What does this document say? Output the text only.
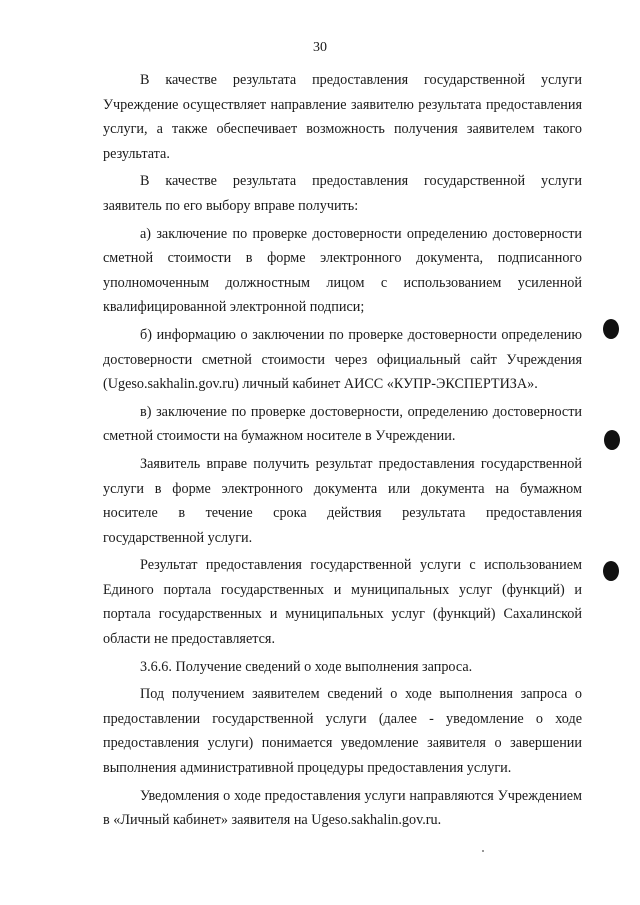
30

В качестве результата предоставления государственной услуги Учреждение осуществляет направление заявителю результата предоставления услуги, а также обеспечивает возможность получения заявителем такого результата.

В качестве результата предоставления государственной услуги заявитель по его выбору вправе получить:

а) заключение по проверке достоверности определению достоверности сметной стоимости в форме электронного документа, подписанного уполномоченным должностным лицом с использованием усиленной квалифицированной электронной подписи;

б) информацию о заключении по проверке достоверности определению достоверности сметной стоимости через официальный сайт Учреждения (Ugeso.sakhalin.gov.ru) личный кабинет АИСС «КУПР-ЭКСПЕРТИЗА».

в) заключение по проверке достоверности, определению достоверности сметной стоимости на бумажном носителе в Учреждении.

Заявитель вправе получить результат предоставления государственной услуги в форме электронного документа или документа на бумажном носителе в течение срока действия результата предоставления государственной услуги.

Результат предоставления государственной услуги с использованием Единого портала государственных и муниципальных услуг (функций) и портала государственных и муниципальных услуг (функций) Сахалинской области не предоставляется.

3.6.6. Получение сведений о ходе выполнения запроса.

Под получением заявителем сведений о ходе выполнения запроса о предоставлении государственной услуги (далее - уведомление о ходе предоставления услуги) понимается уведомление заявителя о завершении выполнения административной процедуры предоставления услуги.

Уведомления о ходе предоставления услуги направляются Учреждением в «Личный кабинет» заявителя на Ugeso.sakhalin.gov.ru.
